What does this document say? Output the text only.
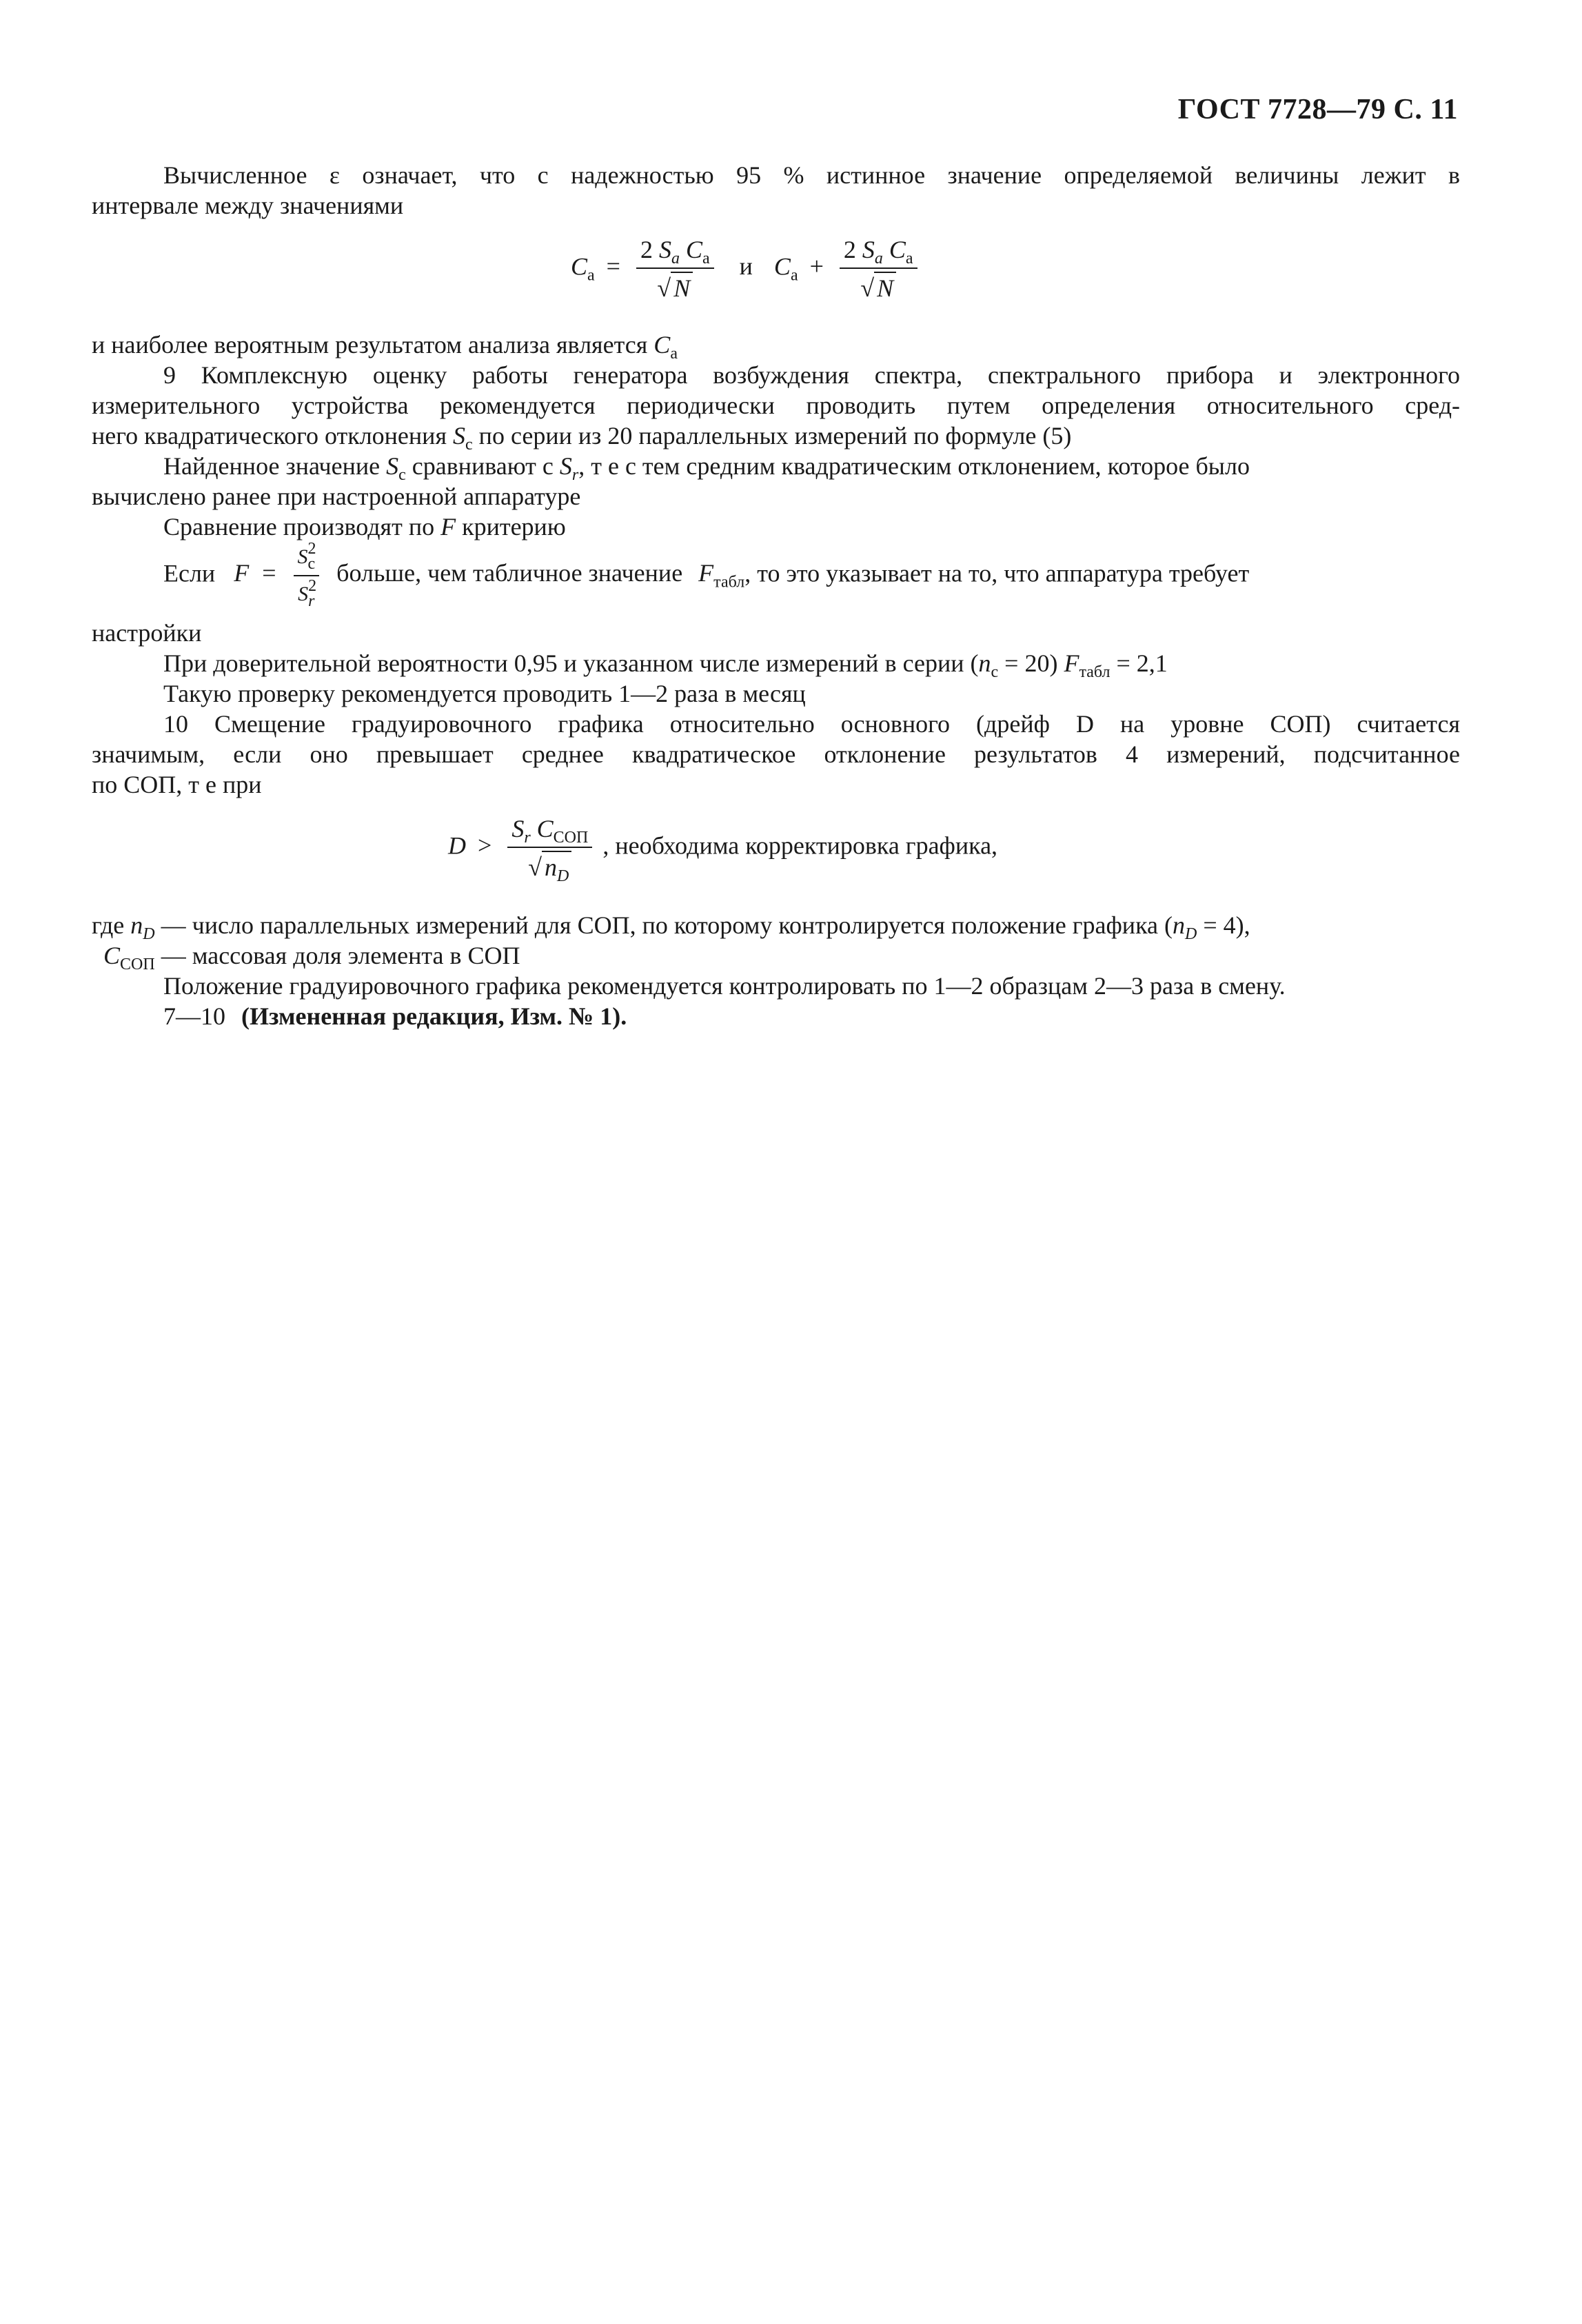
ГОСТ 7728—79 С. 11
Вычисленное ε означает, что с надежностью 95 % истинное значение определяемой величины лежит в
интервале между значениями
$C_а = \frac{2 S_a C_а}{√ N}$ и $C_а + \frac{2 S_a C_а}{√ N}$
и наиболее вероятным результатом анализа является $C_а$
9 Комплексную оценку работы генератора возбуждения спектра, спектрального прибора и электронного
измерительного устройства рекомендуется периодически проводить путем определения относительного сред-
него квадратического отклонения $S_c$ по серии из 20 параллельных измерений по формуле (5)
Найденное значение $S_c$ сравнивают с $S_r$, т е с тем средним квадратическим отклонением, которое было
вычислено ранее при настроенной аппаратуре
Сравнение производят по F критерию
Если $F = \frac{S^2_c}{S^2_r}$ больше, чем табличное значение $F_{табл}$, то это указывает на то, что аппаратура требует
настройки
При доверительной вероятности 0,95 и указанном числе измерений в серии $(n_c = 20) F_{табл} = 2,1$
Такую проверку рекомендуется проводить 1—2 раза в месяц
10 Смещение градуировочного графика относительно основного (дрейф D на уровне СОП) считается
значимым, если оно превышает среднее квадратическое отклонение результатов 4 измерений, подсчитанное
по СОП, т е при
$D > \frac{S_r C_{СОП}}{√ n_D}$ , необходима корректировка графика,
где $n_D$ — число параллельных измерений для СОП, по которому контролируется положение графика $(n_D = 4)$,
$C_{СОП}$ — массовая доля элемента в СОП
Положение градуировочного графика рекомендуется контролировать по 1—2 образцам 2—3 раза в смену.
7—10 (Измененная редакция, Изм. № 1).
